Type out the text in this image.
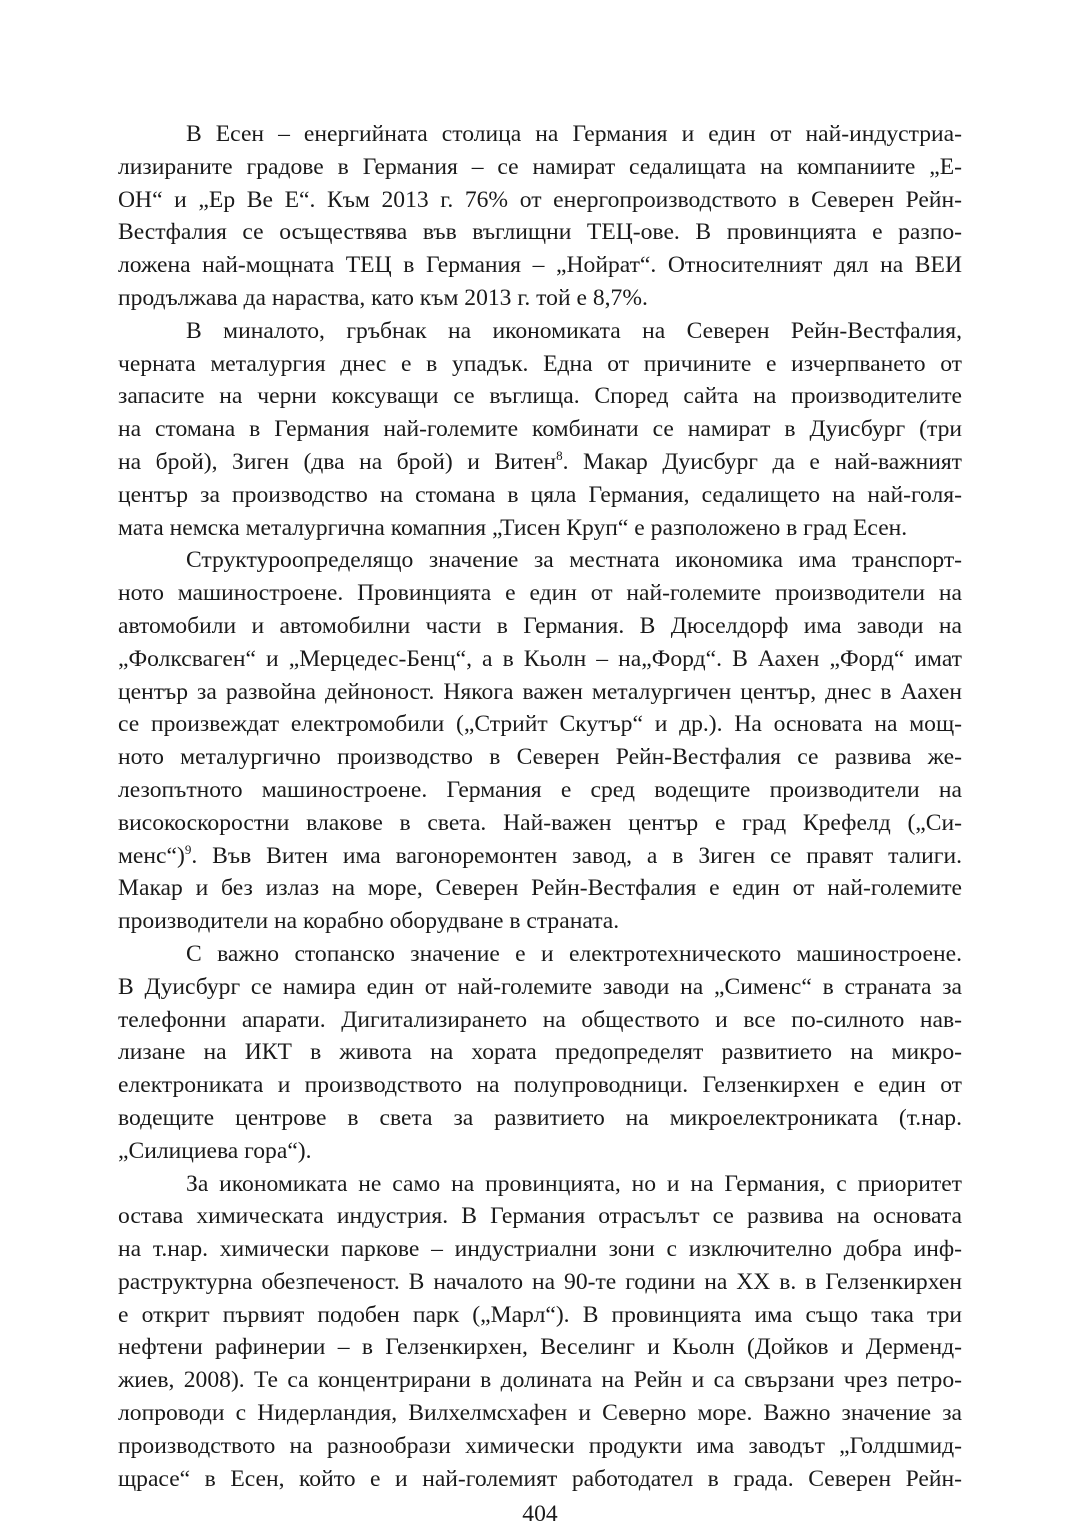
В Есен – енергийната столица на Германия и един от най-индустриа-
лизираните градове в Германия – се намират седалищата на компаниите „Е-
ОН“ и „Ер Ве Е“. Към 2013 г. 76% от енергопроизводството в Северен Рейн-
Вестфалия се осъществява във въглищни ТЕЦ-ове. В провинцията е разпо-
ложена най-мощната ТЕЦ в Германия – „Нойрат“. Относителният дял на ВЕИ
продължава да нараства, като към 2013 г. той е 8,7%.

В миналото, гръбнак на икономиката на Северен Рейн-Вестфалия,
черната металургия днес е в упадък. Една от причините е изчерпването от
запасите на черни коксуващи се въглища. Според сайта на производителите
на стомана в Германия най-големите комбинати се намират в Дуисбург (три
на брой), Зиген (два на брой) и Витен$^8$. Макар Дуисбург да е най-важният
център за производство на стомана в цяла Германия, седалището на най-голя-
мата немска металургична комапния „Тисен Круп“ е разположено в град Есен.

Структуроопределящо значение за местната икономика има транспорт-
ното машиностроене. Провинцията е един от най-големите производители на
автомобили и автомобилни части в Германия. В Дюселдорф има заводи на
„Фолксваген“ и „Мерцедес-Бенц“, а в Кьолн – на„Форд“. В Аахен „Форд“ имат
център за развойна дейноност. Някога важен металургичен център, днес в Аахен
се произвеждат електромобили („Стрийт Скутър“ и др.). На основата на мощ-
ното металургично производство в Северен Рейн-Вестфалия се развива же-
лезопътното машиностроене. Германия е сред водещите производители на
високоскоростни влакове в света. Най-важен център е град Крефелд („Си-
менс“)$^9$. Във Витен има вагоноремонтен завод, а в Зиген се правят талиги.
Макар и без излаз на море, Северен Рейн-Вестфалия е един от най-големите
производители на корабно оборудване в страната.

С важно стопанско значение е и електротехническото машиностроене.
В Дуисбург се намира един от най-големите заводи на „Сименс“ в страната за
телефонни апарати. Дигитализирането на обществото и все по-силното нав-
лизане на ИКТ в живота на хората предопределят развитието на микро-
електрониката и производството на полупроводници. Гелзенкирхен е един от
водещите центрове в света за развитието на микроелектрониката (т.нар.
„Силициева гора“).

За икономиката не само на провинцията, но и на Германия, с приоритет
остава химическата индустрия. В Германия отрасълът се развива на основата
на т.нар. химически паркове – индустриални зони с изключително добра инф-
раструктурна обезпеченост. В началото на 90-те години на XX в. в Гелзенкирхен
е открит първият подобен парк („Марл“). В провинцията има също така три
нефтени рафинерии – в Гелзенкирхен, Веселинг и Кьолн (Дойков и Дерменд-
жиев, 2008). Те са концентрирани в долината на Рейн и са свързани чрез петро-
лопроводи с Нидерландия, Вилхелмсхафен и Северно море. Важно значение за
производството на разнообрази химически продукти има заводът „Голдшмид-
щрасе“ в Есен, който е и най-големият работодател в града. Северен Рейн-

404
